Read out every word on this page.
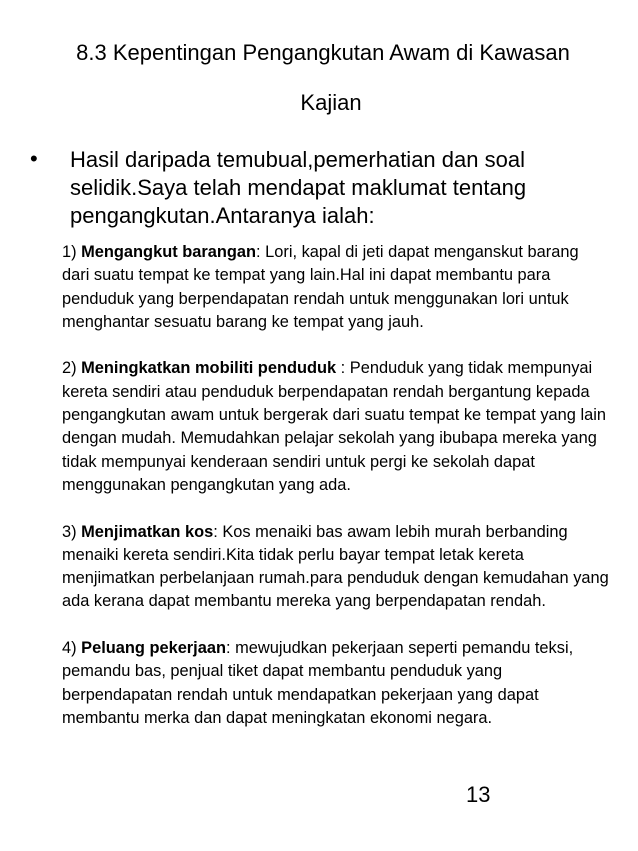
8.3 Kepentingan Pengangkutan Awam di Kawasan
Kajian
• Hasil daripada temubual,pemerhatian dan soal selidik.Saya telah mendapat maklumat tentang pengangkutan.Antaranya ialah:

1) Mengangkut barangan: Lori, kapal di jeti dapat menganskut barang dari suatu tempat ke tempat yang lain.Hal ini dapat membantu para penduduk yang berpendapatan rendah untuk menggunakan lori untuk menghantar sesuatu barang ke tempat yang jauh.

2) Meningkatkan mobiliti penduduk : Penduduk yang tidak mempunyai kereta sendiri atau penduduk berpendapatan rendah bergantung kepada pengangkutan awam untuk bergerak dari suatu tempat ke tempat yang lain dengan mudah. Memudahkan pelajar sekolah yang ibubapa mereka yang tidak mempunyai kenderaan sendiri untuk pergi ke sekolah dapat menggunakan pengangkutan yang ada.

3) Menjimatkan kos: Kos menaiki bas awam lebih murah berbanding menaiki kereta sendiri.Kita tidak perlu bayar tempat letak kereta menjimatkan perbelanjaan rumah.para penduduk dengan kemudahan yang ada kerana dapat membantu mereka yang berpendapatan rendah.

4) Peluang pekerjaan: mewujudkan pekerjaan seperti pemandu teksi, pemandu bas, penjual tiket dapat membantu penduduk yang berpendapatan rendah untuk mendapatkan pekerjaan yang dapat membantu merka dan dapat meningkatan ekonomi negara.

13
